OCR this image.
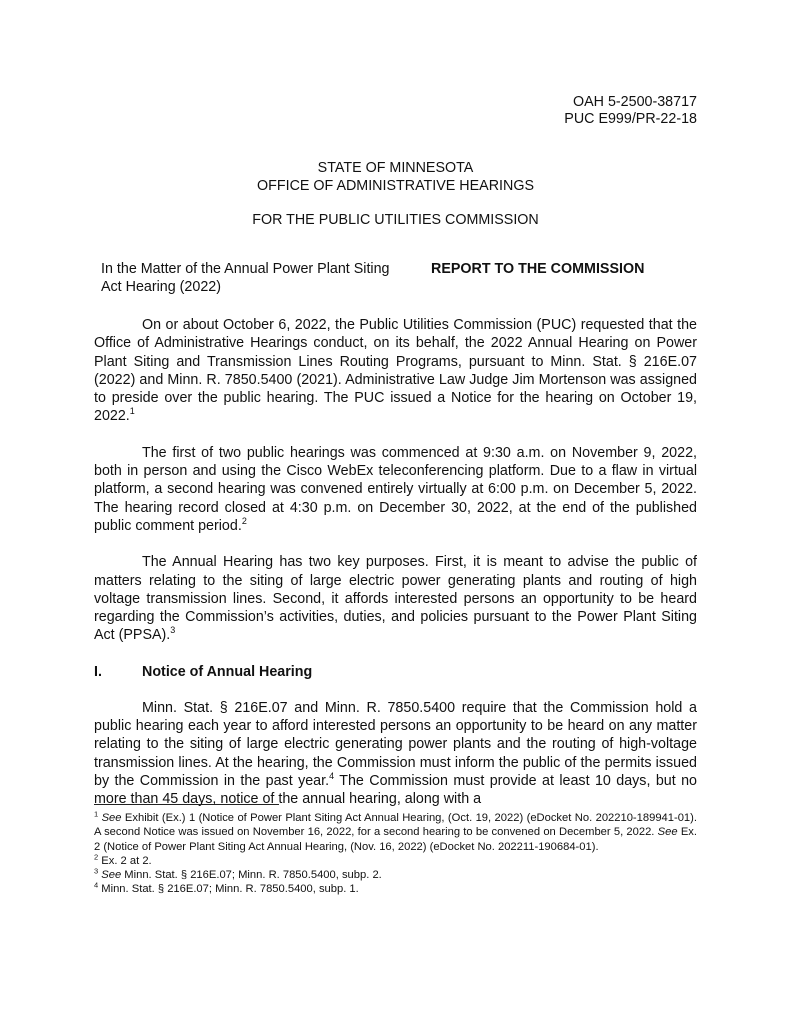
OAH 5-2500-38717
PUC E999/PR-22-18
STATE OF MINNESOTA
OFFICE OF ADMINISTRATIVE HEARINGS
FOR THE PUBLIC UTILITIES COMMISSION
In the Matter of the Annual Power Plant Siting Act Hearing (2022)
REPORT TO THE COMMISSION

On or about October 6, 2022, the Public Utilities Commission (PUC) requested that the Office of Administrative Hearings conduct, on its behalf, the 2022 Annual Hearing on Power Plant Siting and Transmission Lines Routing Programs, pursuant to Minn. Stat. § 216E.07 (2022) and Minn. R. 7850.5400 (2021). Administrative Law Judge Jim Mortenson was assigned to preside over the public hearing. The PUC issued a Notice for the hearing on October 19, 2022.$^1$

The first of two public hearings was commenced at 9:30 a.m. on November 9, 2022, both in person and using the Cisco WebEx teleconferencing platform. Due to a flaw in virtual platform, a second hearing was convened entirely virtually at 6:00 p.m. on December 5, 2022. The hearing record closed at 4:30 p.m. on December 30, 2022, at the end of the published public comment period.$^2$

The Annual Hearing has two key purposes. First, it is meant to advise the public of matters relating to the siting of large electric power generating plants and routing of high voltage transmission lines. Second, it affords interested persons an opportunity to be heard regarding the Commission’s activities, duties, and policies pursuant to the Power Plant Siting Act (PPSA).$^3$

I.	Notice of Annual Hearing

Minn. Stat. § 216E.07 and Minn. R. 7850.5400 require that the Commission hold a public hearing each year to afford interested persons an opportunity to be heard on any matter relating to the siting of large electric generating power plants and the routing of high-voltage transmission lines. At the hearing, the Commission must inform the public of the permits issued by the Commission in the past year.$^4$ The Commission must provide at least 10 days, but no more than 45 days, notice of the annual hearing, along with a

$^1$ See Exhibit (Ex.) 1 (Notice of Power Plant Siting Act Annual Hearing, (Oct. 19, 2022) (eDocket No. 202210-189941-01). A second Notice was issued on November 16, 2022, for a second hearing to be convened on December 5, 2022. See Ex. 2 (Notice of Power Plant Siting Act Annual Hearing, (Nov. 16, 2022) (eDocket No. 202211-190684-01).

$^2$ Ex. 2 at 2.

$^3$ See Minn. Stat. § 216E.07; Minn. R. 7850.5400, subp. 2.

$^4$ Minn. Stat. § 216E.07; Minn. R. 7850.5400, subp. 1.
